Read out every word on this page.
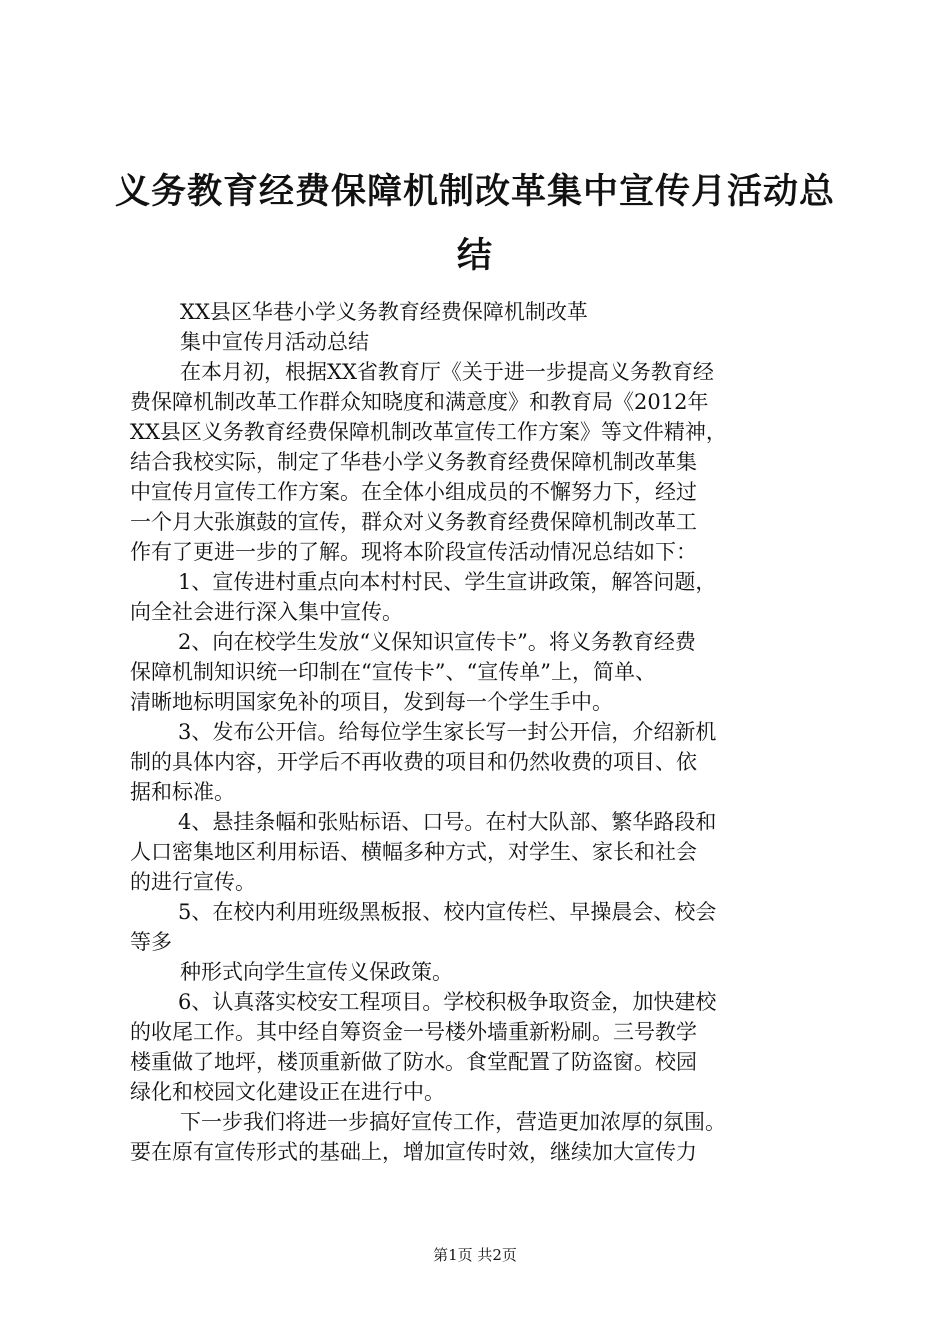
义务教育经费保障机制改革集中宣传月活动总
结
XX县区华巷小学义务教育经费保障机制改革
集中宣传月活动总结
在本月初，根据XX省教育厅《关于进一步提高义务教育经
费保障机制改革工作群众知晓度和满意度》和教育局《2012年
XX县区义务教育经费保障机制改革宣传工作方案》等文件精神，
结合我校实际，制定了华巷小学义务教育经费保障机制改革集
中宣传月宣传工作方案。在全体小组成员的不懈努力下，经过
一个月大张旗鼓的宣传，群众对义务教育经费保障机制改革工
作有了更进一步的了解。现将本阶段宣传活动情况总结如下：
1、宣传进村重点向本村村民、学生宣讲政策，解答问题，
向全社会进行深入集中宣传。
2、向在校学生发放“义保知识宣传卡”。将义务教育经费
保障机制知识统一印制在“宣传卡”、“宣传单”上，简单、
清晰地标明国家免补的项目，发到每一个学生手中。
3、发布公开信。给每位学生家长写一封公开信，介绍新机
制的具体内容，开学后不再收费的项目和仍然收费的项目、依
据和标准。
4、悬挂条幅和张贴标语、口号。在村大队部、繁华路段和
人口密集地区利用标语、横幅多种方式，对学生、家长和社会
的进行宣传。
5、在校内利用班级黑板报、校内宣传栏、早操晨会、校会
等多
种形式向学生宣传义保政策。
6、认真落实校安工程项目。学校积极争取资金，加快建校
的收尾工作。其中经自筹资金一号楼外墙重新粉刷。三号教学
楼重做了地坪，楼顶重新做了防水。食堂配置了防盗窗。校园
绿化和校园文化建设正在进行中。
下一步我们将进一步搞好宣传工作，营造更加浓厚的氛围。
要在原有宣传形式的基础上，增加宣传时效，继续加大宣传力
第1页 共2页
